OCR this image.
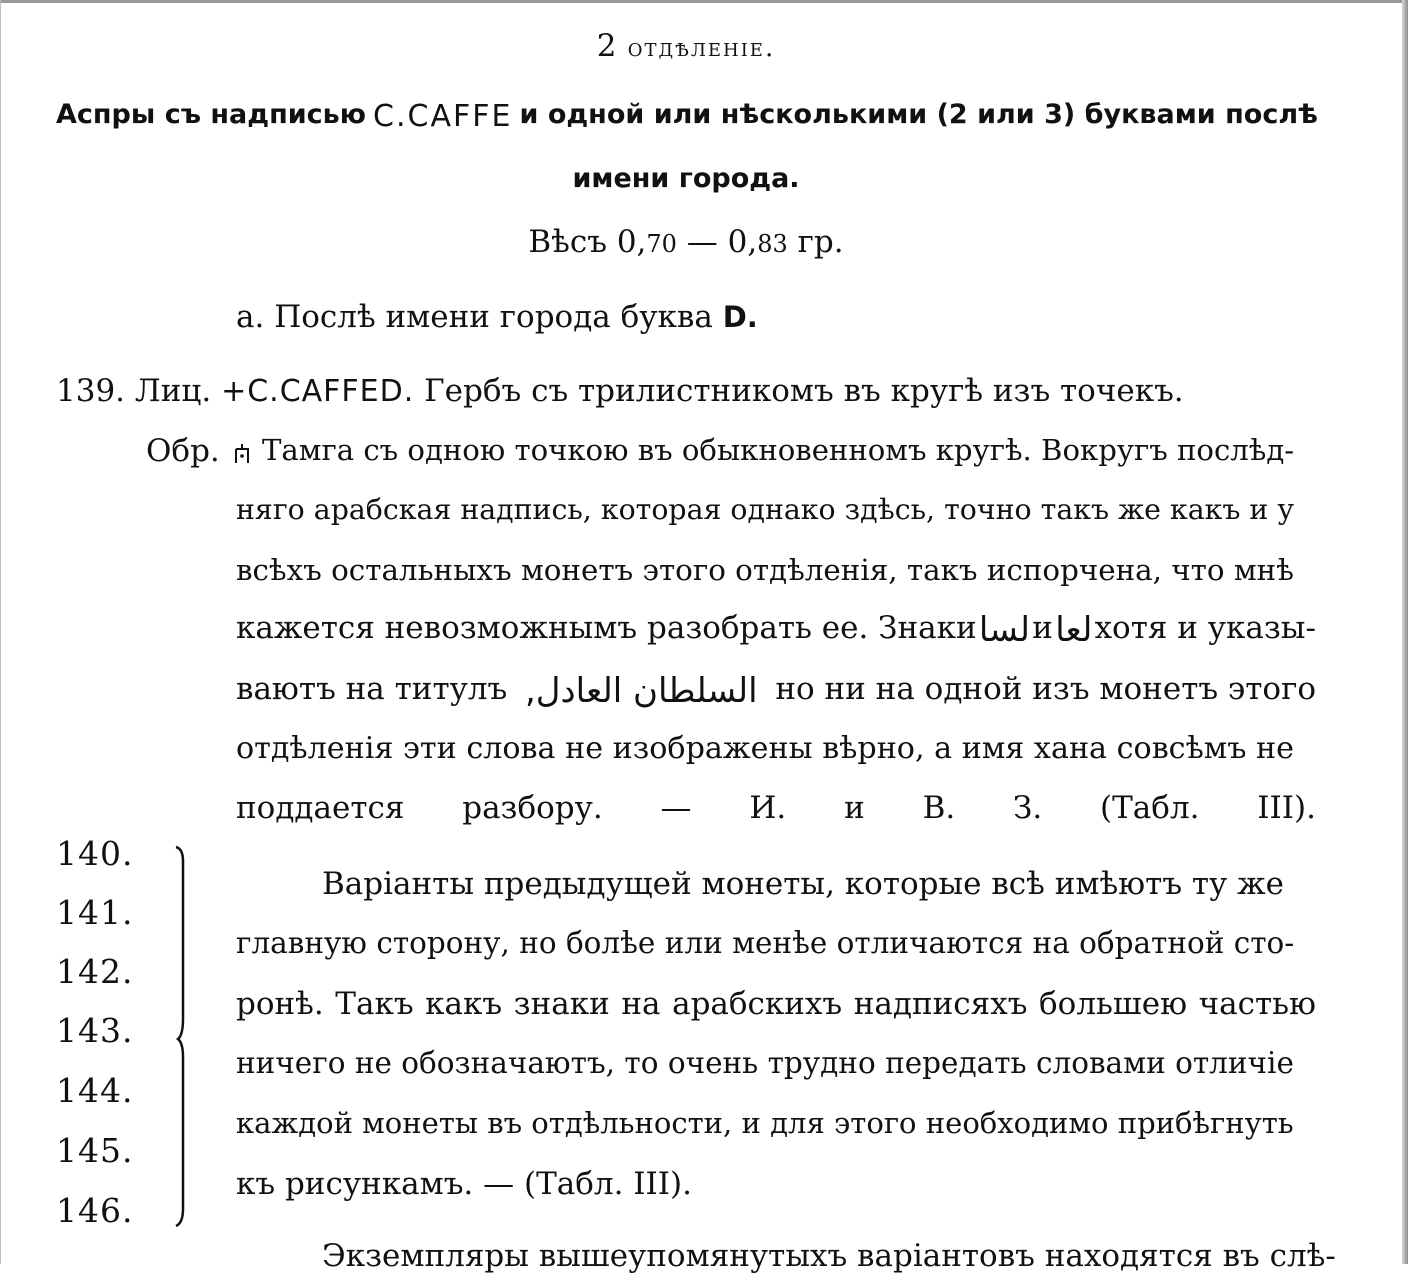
2 отдѣленіе.
Аспры съ надписью C.CAFFE и одной или нѣсколькими (2 или 3) буквами послѣ
имени города.
Вѣсъ 0,70 — 0,83 гр.
а. Послѣ имени города буква D.
139. Лиц. +C.CAFFED. Гербъ съ трилистникомъ въ кругѣ изъ точекъ.
Обр. Тамга съ одною точкою въ обыкновенномъ кругѣ. Вокругъ послѣд-
няго арабская надпись, которая однако здѣсь, точно такъ же какъ и у
всѣхъ остальныхъ монетъ этого отдѣленія, такъ испорчена, что мнѣ
кажется невозможнымъ разобрать ее. Знаки لسا и لعا хотя и указы-
ваютъ на титулъ السلطان العادل, но ни на одной изъ монетъ этого
отдѣленія эти слова не изображены вѣрно, а имя хана совсѣмъ не
поддается разбору. — И. и В. З. (Табл. III).
140.
141.
142.
143.
144.
145.
146.
Варіанты предыдущей монеты, которые всѣ имѣютъ ту же
главную сторону, но болѣе или менѣе отличаются на обратной сто-
ронѣ. Такъ какъ знаки на арабскихъ надписяхъ большею частью
ничего не обозначаютъ, то очень трудно передать словами отличіе
каждой монеты въ отдѣльности, и для этого необходимо прибѣгнуть
къ рисункамъ. — (Табл. III).
Экземпляры вышеупомянутыхъ варіантовъ находятся въ слѣ-
